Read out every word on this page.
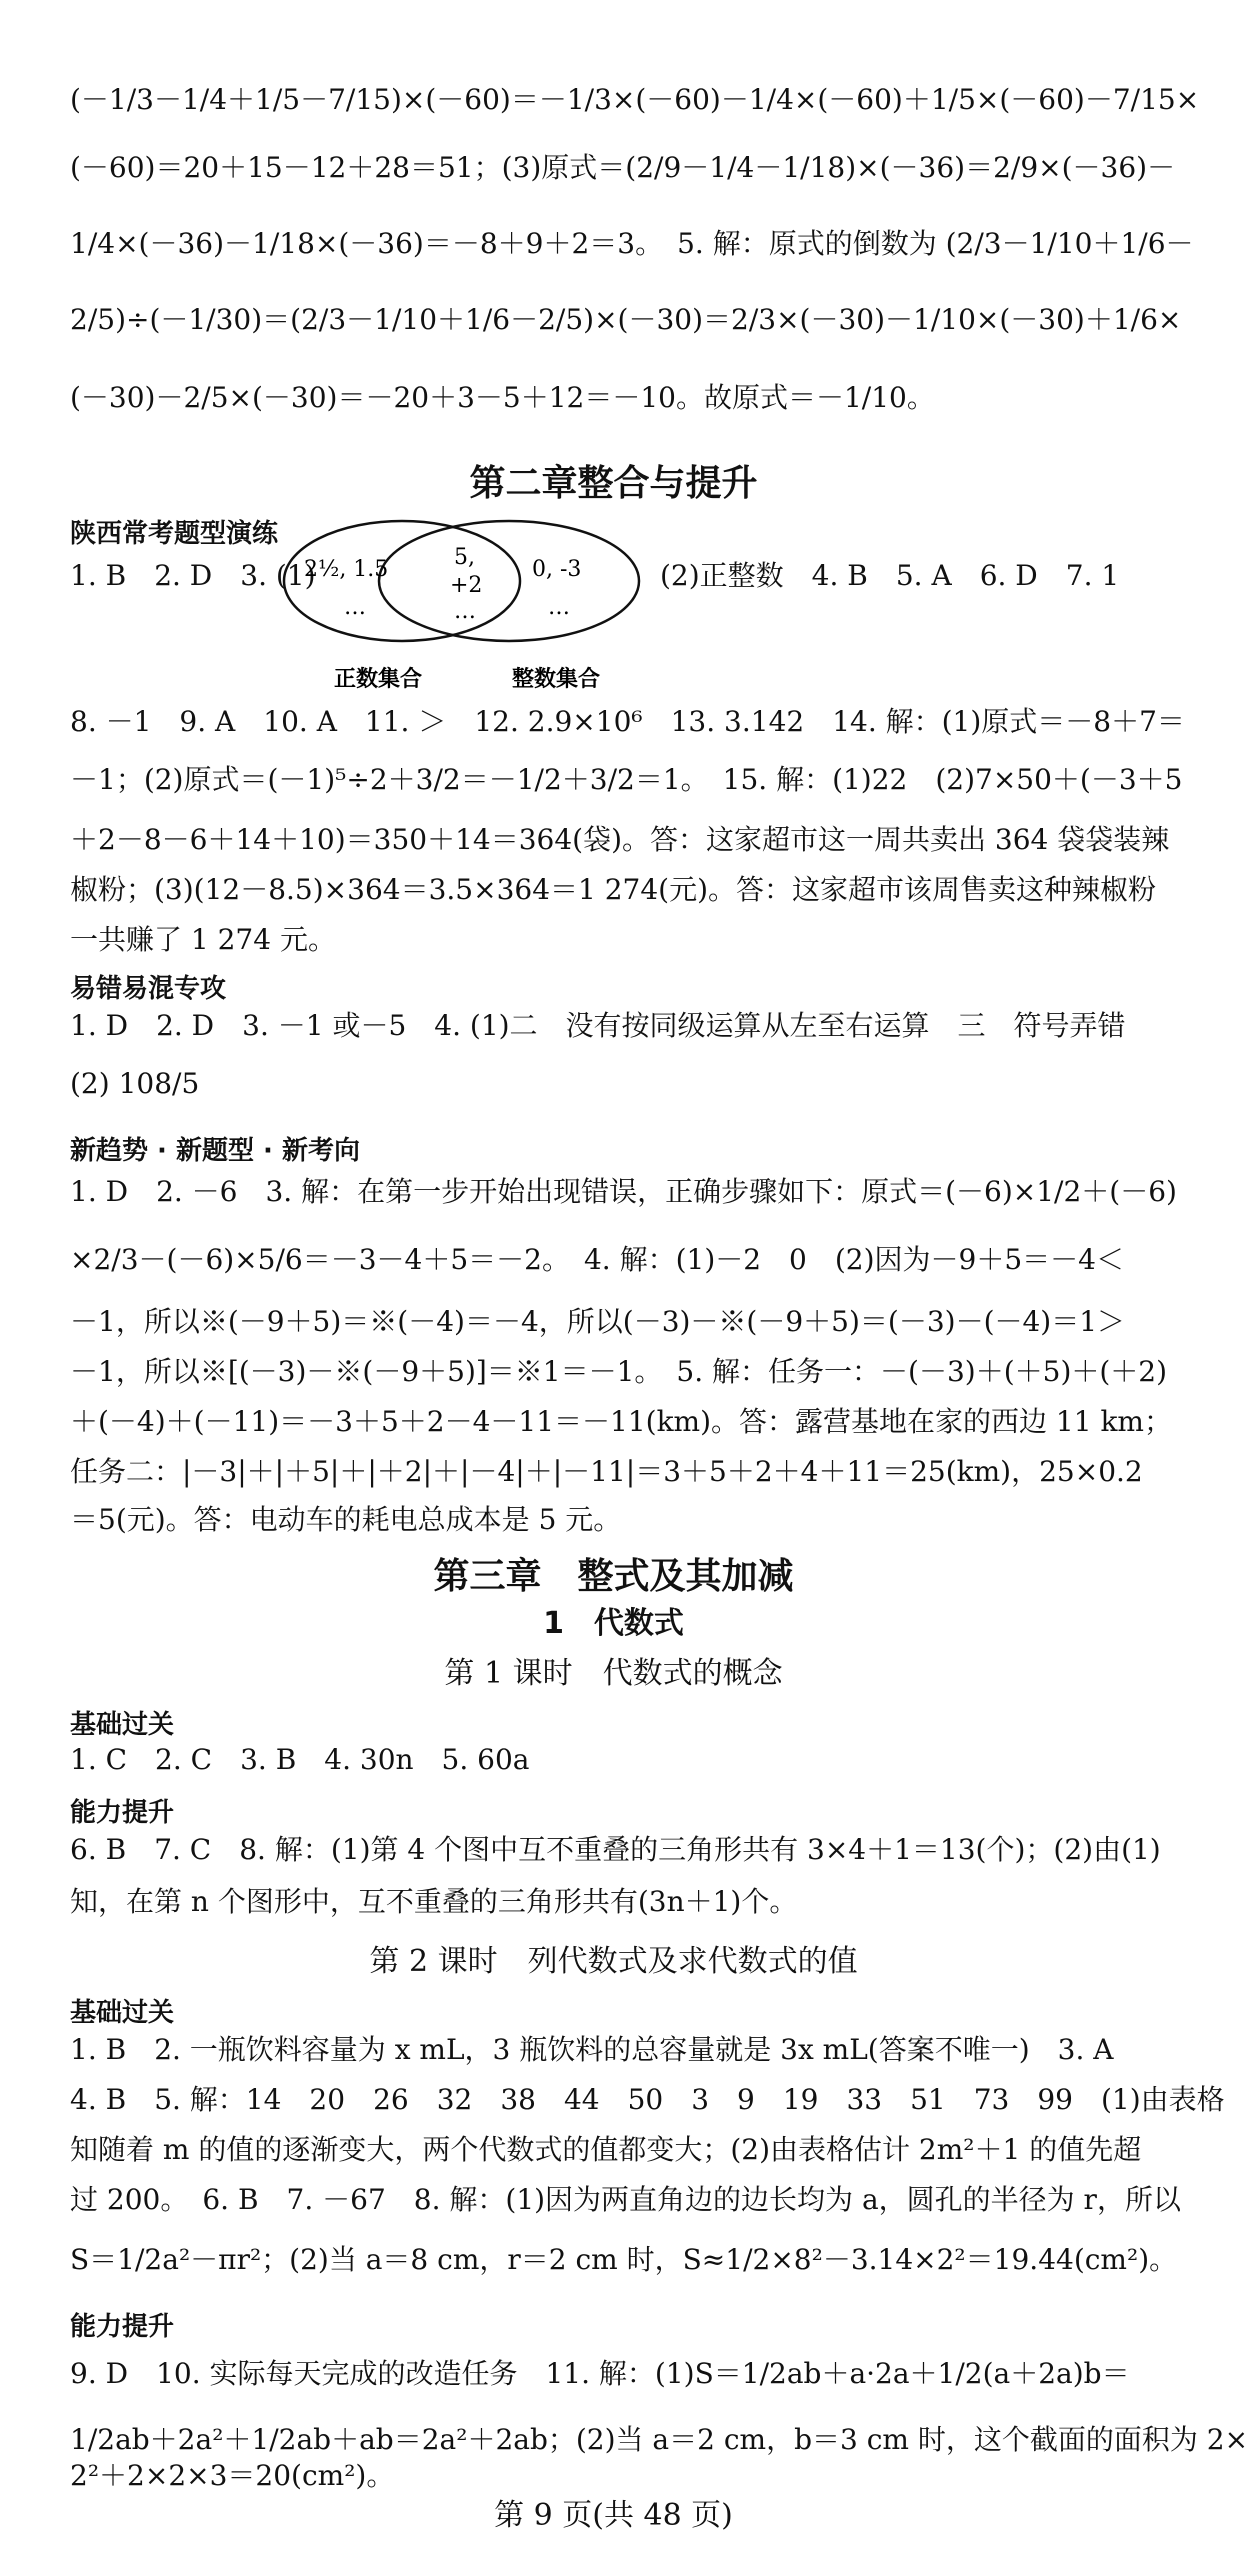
(－1/3－1/4＋1/5－7/15)×(－60)＝－1/3×(－60)－1/4×(－60)＋1/5×(－60)－7/15×
(－60)＝20＋15－12＋28＝51；(3)原式＝(2/9－1/4－1/18)×(－36)＝2/9×(－36)－
1/4×(－36)－1/18×(－36)＝－8＋9＋2＝3。　5. 解：原式的倒数为 (2/3－1/10＋1/6－
2/5)÷(－1/30)＝(2/3－1/10＋1/6－2/5)×(－30)＝2/3×(－30)－1/10×(－30)＋1/6×
(－30)－2/5×(－30)＝－20＋3－5＋12＝－10。故原式＝－1/10。
第二章整合与提升
陕西常考题型演练
1. B　2. D　3. (1)
2½, 1.5
…
5,
+2
…
0, -3
…
正数集合	整数集合
(2)正整数　4. B　5. A　6. D　7. 1
8. －1　9. A　10. A　11. ＞　12. 2.9×10⁶　13. 3.142　14. 解：(1)原式＝－8＋7＝
－1；(2)原式＝(－1)⁵÷2＋3/2＝－1/2＋3/2＝1。　15. 解：(1)22　(2)7×50＋(－3＋5
＋2－8－6＋14＋10)＝350＋14＝364(袋)。答：这家超市这一周共卖出 364 袋袋装辣
椒粉；(3)(12－8.5)×364＝3.5×364＝1 274(元)。答：这家超市该周售卖这种辣椒粉
一共赚了 1 274 元。
易错易混专攻
1. D　2. D　3. －1 或－5　4. (1)二　没有按同级运算从左至右运算　三　符号弄错
(2) 108/5
新趋势 · 新题型 · 新考向
1. D　2. －6　3. 解：在第一步开始出现错误，正确步骤如下：原式＝(－6)×1/2＋(－6)
×2/3－(－6)×5/6＝－3－4＋5＝－2。　4. 解：(1)－2　0　(2)因为－9＋5＝－4＜
－1，所以※(－9＋5)＝※(－4)＝－4，所以(－3)－※(－9＋5)＝(－3)－(－4)＝1＞
－1，所以※[(－3)－※(－9＋5)]＝※1＝－1。　5. 解：任务一：－(－3)＋(＋5)＋(＋2)
＋(－4)＋(－11)＝－3＋5＋2－4－11＝－11(km)。答：露营基地在家的西边 11 km；
任务二：|－3|＋|＋5|＋|＋2|＋|－4|＋|－11|＝3＋5＋2＋4＋11＝25(km)，25×0.2
＝5(元)。答：电动车的耗电总成本是 5 元。
第三章　整式及其加减
1　代数式
第 1 课时　代数式的概念
基础过关
1. C　2. C　3. B　4. 30n　5. 60a
能力提升
6. B　7. C　8. 解：(1)第 4 个图中互不重叠的三角形共有 3×4＋1＝13(个)；(2)由(1)
知，在第 n 个图形中，互不重叠的三角形共有(3n＋1)个。
第 2 课时　列代数式及求代数式的值
基础过关
1. B　2. 一瓶饮料容量为 x mL，3 瓶饮料的总容量就是 3x mL(答案不唯一)　3. A
4. B　5. 解：14　20　26　32　38　44　50　3　9　19　33　51　73　99　(1)由表格
知随着 m 的值的逐渐变大，两个代数式的值都变大；(2)由表格估计 2m²＋1 的值先超
过 200。　6. B　7. －67　8. 解：(1)因为两直角边的边长均为 a，圆孔的半径为 r，所以
S＝1/2a²－πr²；(2)当 a＝8 cm，r＝2 cm 时，S≈1/2×8²－3.14×2²＝19.44(cm²)。
能力提升
9. D　10. 实际每天完成的改造任务　11. 解：(1)S＝1/2ab＋a·2a＋1/2(a＋2a)b＝
1/2ab＋2a²＋1/2ab＋ab＝2a²＋2ab；(2)当 a＝2 cm，b＝3 cm 时，这个截面的面积为 2×
2²＋2×2×3＝20(cm²)。
第 9 页(共 48 页)
